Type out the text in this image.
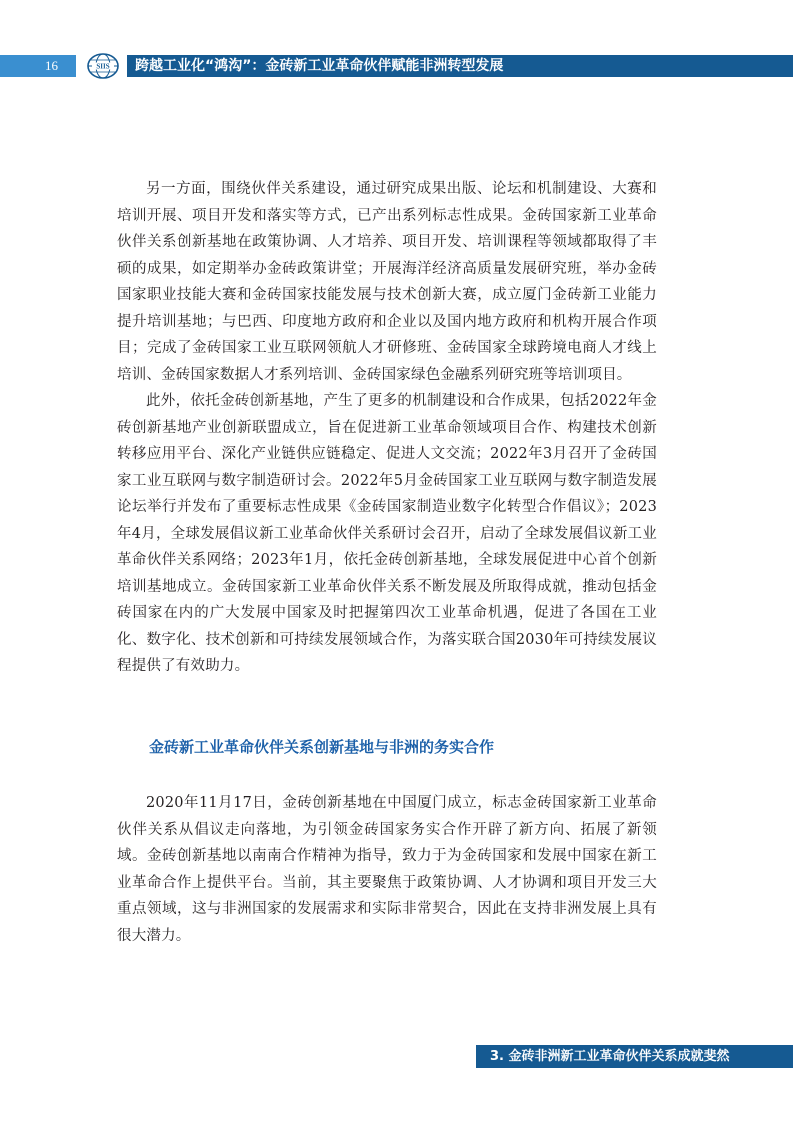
16	SIIS	跨越工业化“鸿沟”：金砖新工业革命伙伴赋能非洲转型发展

另一方面，围绕伙伴关系建设，通过研究成果出版、论坛和机制建设、大赛和培训开展、项目开发和落实等方式，已产出系列标志性成果。金砖国家新工业革命伙伴关系创新基地在政策协调、人才培养、项目开发、培训课程等领域都取得了丰硕的成果，如定期举办金砖政策讲堂；开展海洋经济高质量发展研究班，举办金砖国家职业技能大赛和金砖国家技能发展与技术创新大赛，成立厦门金砖新工业能力提升培训基地；与巴西、印度地方政府和企业以及国内地方政府和机构开展合作项目；完成了金砖国家工业互联网领航人才研修班、金砖国家全球跨境电商人才线上培训、金砖国家数据人才系列培训、金砖国家绿色金融系列研究班等培训项目。

此外，依托金砖创新基地，产生了更多的机制建设和合作成果，包括2022年金砖创新基地产业创新联盟成立，旨在促进新工业革命领域项目合作、构建技术创新转移应用平台、深化产业链供应链稳定、促进人文交流；2022年3月召开了金砖国家工业互联网与数字制造研讨会。2022年5月金砖国家工业互联网与数字制造发展论坛举行并发布了重要标志性成果《金砖国家制造业数字化转型合作倡议》；2023年4月，全球发展倡议新工业革命伙伴关系研讨会召开，启动了全球发展倡议新工业革命伙伴关系网络；2023年1月，依托金砖创新基地，全球发展促进中心首个创新培训基地成立。金砖国家新工业革命伙伴关系不断发展及所取得成就，推动包括金砖国家在内的广大发展中国家及时把握第四次工业革命机遇，促进了各国在工业化、数字化、技术创新和可持续发展领域合作，为落实联合国2030年可持续发展议程提供了有效助力。

金砖新工业革命伙伴关系创新基地与非洲的务实合作

2020年11月17日，金砖创新基地在中国厦门成立，标志金砖国家新工业革命伙伴关系从倡议走向落地，为引领金砖国家务实合作开辟了新方向、拓展了新领域。金砖创新基地以南南合作精神为指导，致力于为金砖国家和发展中国家在新工业革命合作上提供平台。当前，其主要聚焦于政策协调、人才协调和项目开发三大重点领域，这与非洲国家的发展需求和实际非常契合，因此在支持非洲发展上具有很大潜力。

3. 金砖非洲新工业革命伙伴关系成就斐然
